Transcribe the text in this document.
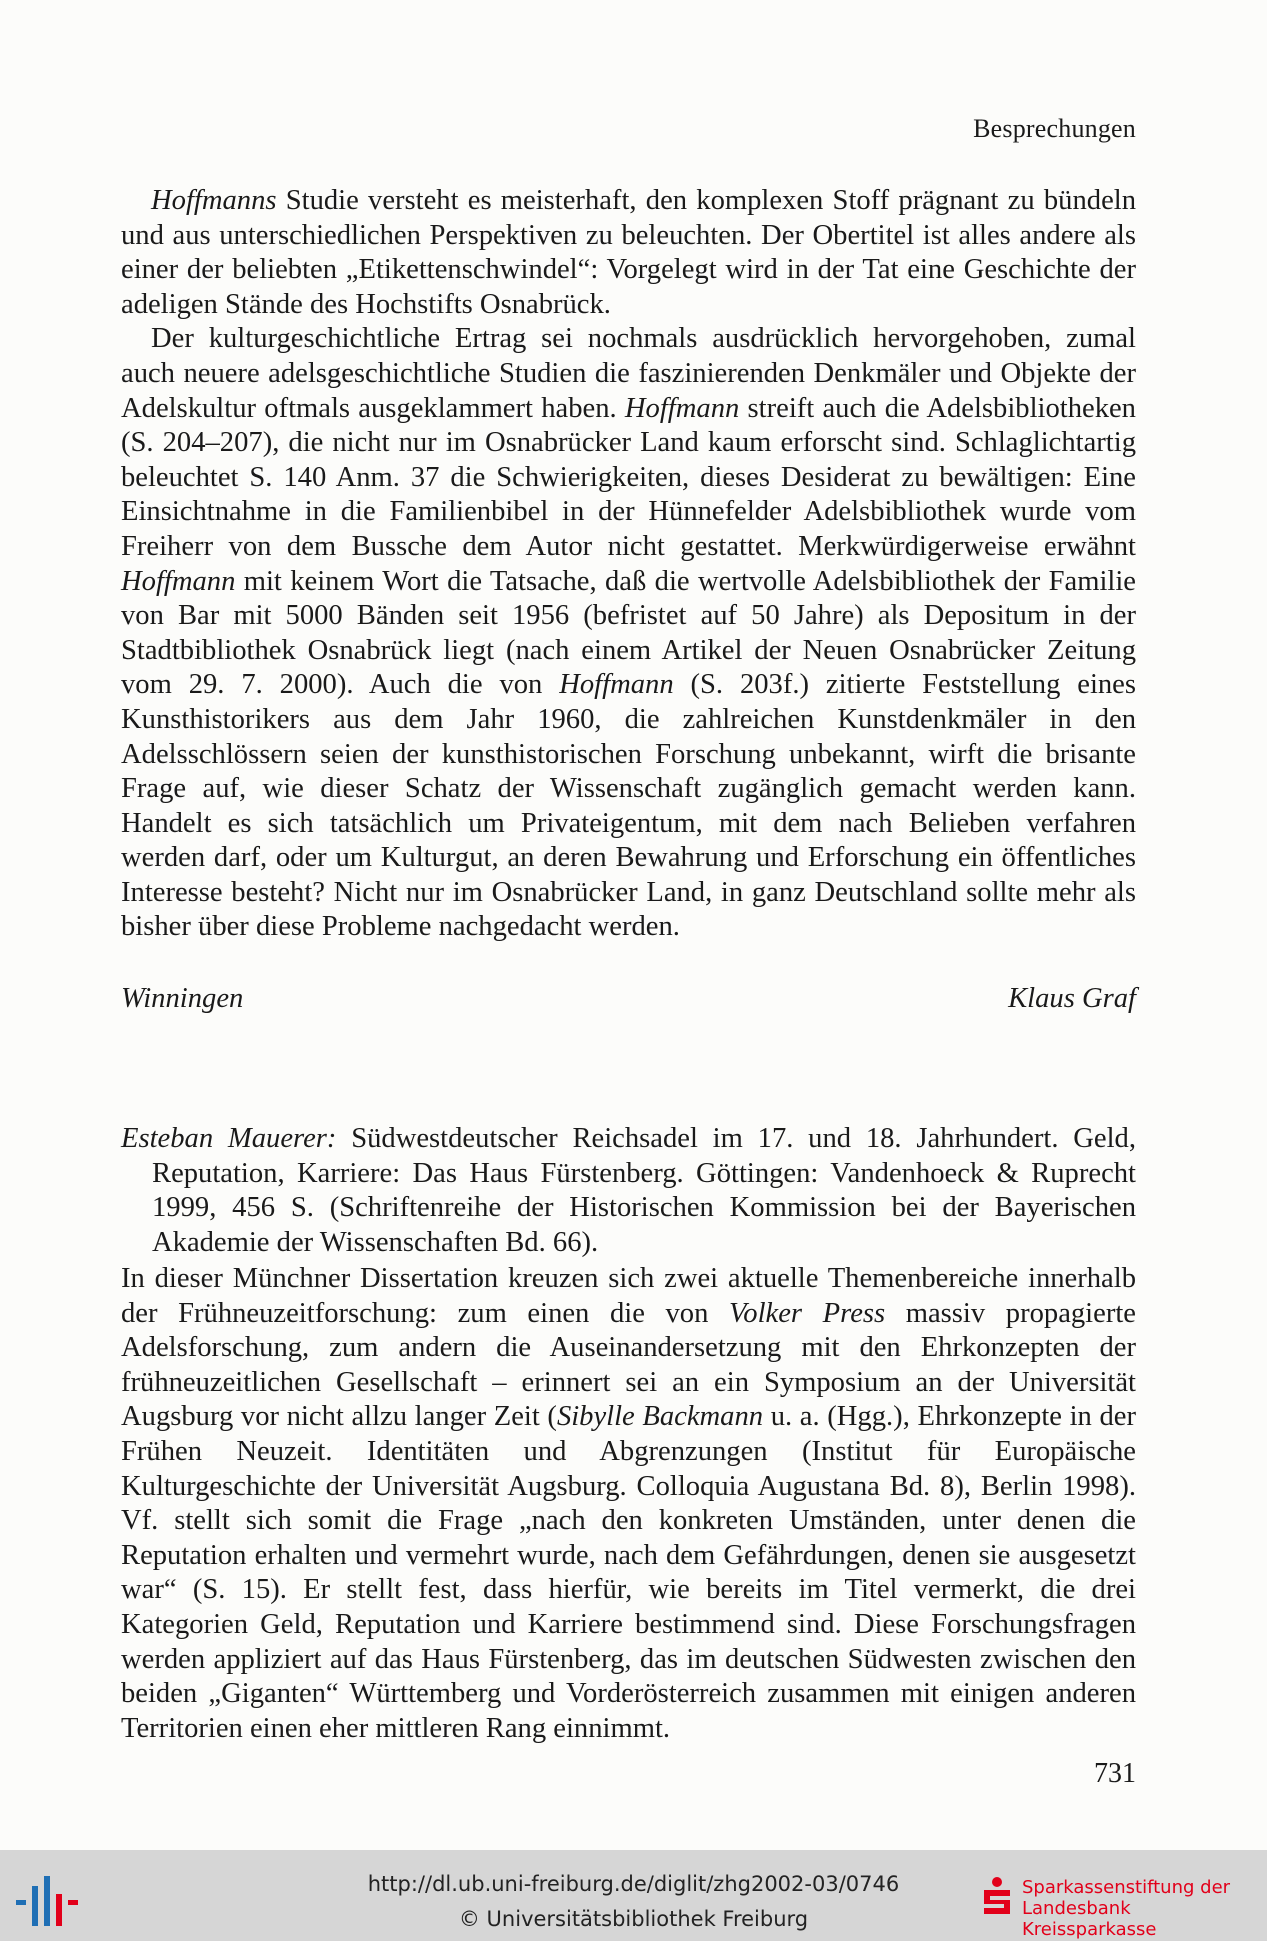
Besprechungen

Hoffmanns Studie versteht es meisterhaft, den komplexen Stoff prägnant zu bündeln und aus unterschiedlichen Perspektiven zu beleuchten. Der Obertitel ist alles andere als einer der beliebten „Etikettenschwindel“: Vorgelegt wird in der Tat eine Geschichte der adeligen Stände des Hochstifts Osnabrück.

Der kulturgeschichtliche Ertrag sei nochmals ausdrücklich hervorgehoben, zumal auch neuere adelsgeschichtliche Studien die faszinierenden Denkmäler und Objekte der Adelskultur oftmals ausgeklammert haben. Hoffmann streift auch die Adelsbibliotheken (S. 204–207), die nicht nur im Osnabrücker Land kaum erforscht sind. Schlaglichtartig beleuchtet S. 140 Anm. 37 die Schwierigkeiten, dieses Desiderat zu bewältigen: Eine Einsichtnahme in die Familienbibel in der Hünnefelder Adelsbibliothek wurde vom Freiherr von dem Bussche dem Autor nicht gestattet. Merkwürdigerweise erwähnt Hoffmann mit keinem Wort die Tatsache, daß die wertvolle Adelsbibliothek der Familie von Bar mit 5000 Bänden seit 1956 (befristet auf 50 Jahre) als Depositum in der Stadtbibliothek Osnabrück liegt (nach einem Artikel der Neuen Osnabrücker Zeitung vom 29. 7. 2000). Auch die von Hoffmann (S. 203f.) zitierte Feststellung eines Kunsthistorikers aus dem Jahr 1960, die zahlreichen Kunstdenkmäler in den Adelsschlössern seien der kunsthistorischen Forschung unbekannt, wirft die brisante Frage auf, wie dieser Schatz der Wissenschaft zugänglich gemacht werden kann. Handelt es sich tatsächlich um Privateigentum, mit dem nach Belieben verfahren werden darf, oder um Kulturgut, an deren Bewahrung und Erforschung ein öffentliches Interesse besteht? Nicht nur im Osnabrücker Land, in ganz Deutschland sollte mehr als bisher über diese Probleme nachgedacht werden.

Winningen	Klaus Graf
Esteban Mauerer: Südwestdeutscher Reichsadel im 17. und 18. Jahrhundert. Geld, Reputation, Karriere: Das Haus Fürstenberg. Göttingen: Vandenhoeck & Ruprecht 1999, 456 S. (Schriftenreihe der Historischen Kommission bei der Bayerischen Akademie der Wissenschaften Bd. 66).

In dieser Münchner Dissertation kreuzen sich zwei aktuelle Themenbereiche innerhalb der Frühneuzeitforschung: zum einen die von Volker Press massiv propagierte Adelsforschung, zum andern die Auseinandersetzung mit den Ehrkonzepten der frühneuzeitlichen Gesellschaft – erinnert sei an ein Symposium an der Universität Augsburg vor nicht allzu langer Zeit (Sibylle Backmann u. a. (Hgg.), Ehrkonzepte in der Frühen Neuzeit. Identitäten und Abgrenzungen (Institut für Europäische Kulturgeschichte der Universität Augsburg. Colloquia Augustana Bd. 8), Berlin 1998). Vf. stellt sich somit die Frage „nach den konkreten Umständen, unter denen die Reputation erhalten und vermehrt wurde, nach dem Gefährdungen, denen sie ausgesetzt war“ (S. 15). Er stellt fest, dass hierfür, wie bereits im Titel vermerkt, die drei Kategorien Geld, Reputation und Karriere bestimmend sind. Diese Forschungsfragen werden appliziert auf das Haus Fürstenberg, das im deutschen Südwesten zwischen den beiden „Giganten“ Württemberg und Vorderösterreich zusammen mit einigen anderen Territorien einen eher mittleren Rang einnimmt.

731
http://dl.ub.uni-freiburg.de/diglit/zhg2002-03/0746
© Universitätsbibliothek Freiburg
Sparkassenstiftung der
Landesbank Kreissparkasse
